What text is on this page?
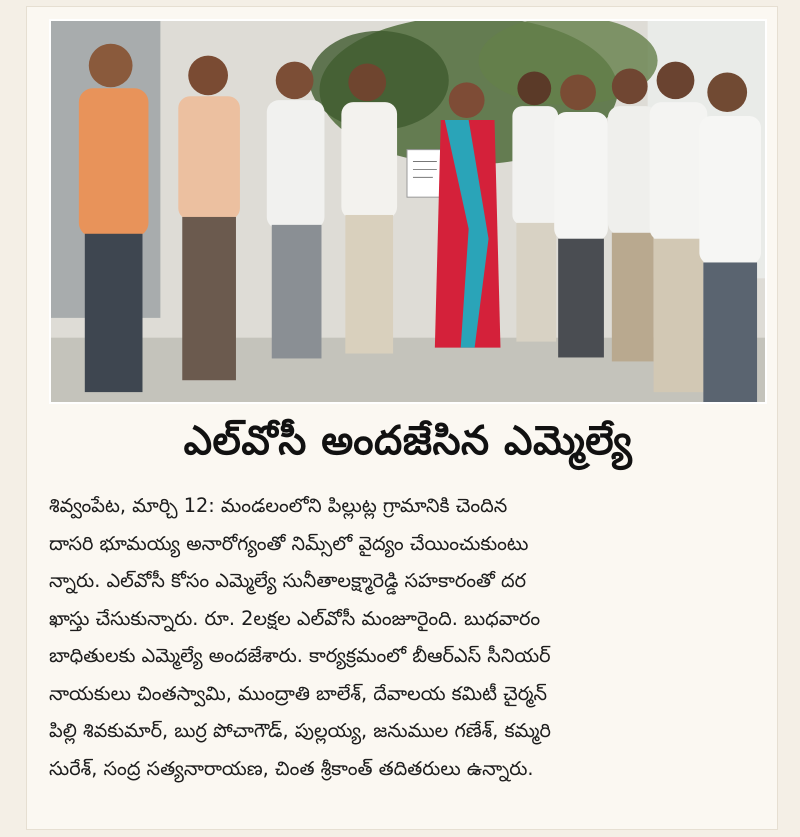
ఎల్‌వోసీ అందజేసిన ఎమ్మెల్యే
శివ్వంపేట, మార్చి 12: మండలంలోని పిల్లుట్ల గ్రామానికి చెందిన
దాసరి భూమయ్య అనారోగ్యంతో నిమ్స్‌లో వైద్యం చేయించుకుంటు
న్నారు. ఎల్‌వోసీ కోసం ఎమ్మెల్యే సునీతాలక్ష్మారెడ్డి సహకారంతో దర
ఖాస్తు చేసుకున్నారు. రూ. 2లక్షల ఎల్‌వోసీ మంజూరైంది. బుధవారం
బాధితులకు ఎమ్మెల్యే అందజేశారు. కార్యక్రమంలో బీఆర్‌ఎస్ సీనియర్
నాయకులు చింతస్వామి, ముంద్రాతి బాలేశ్, దేవాలయ కమిటీ చైర్మన్
పిల్లి శివకుమార్, బుర్ర పోచాగౌడ్, పుల్లయ్య, జనుముల గణేశ్, కమ్మరి
సురేశ్, సంద్ర సత్యనారాయణ, చింత శ్రీకాంత్ తదితరులు ఉన్నారు.
